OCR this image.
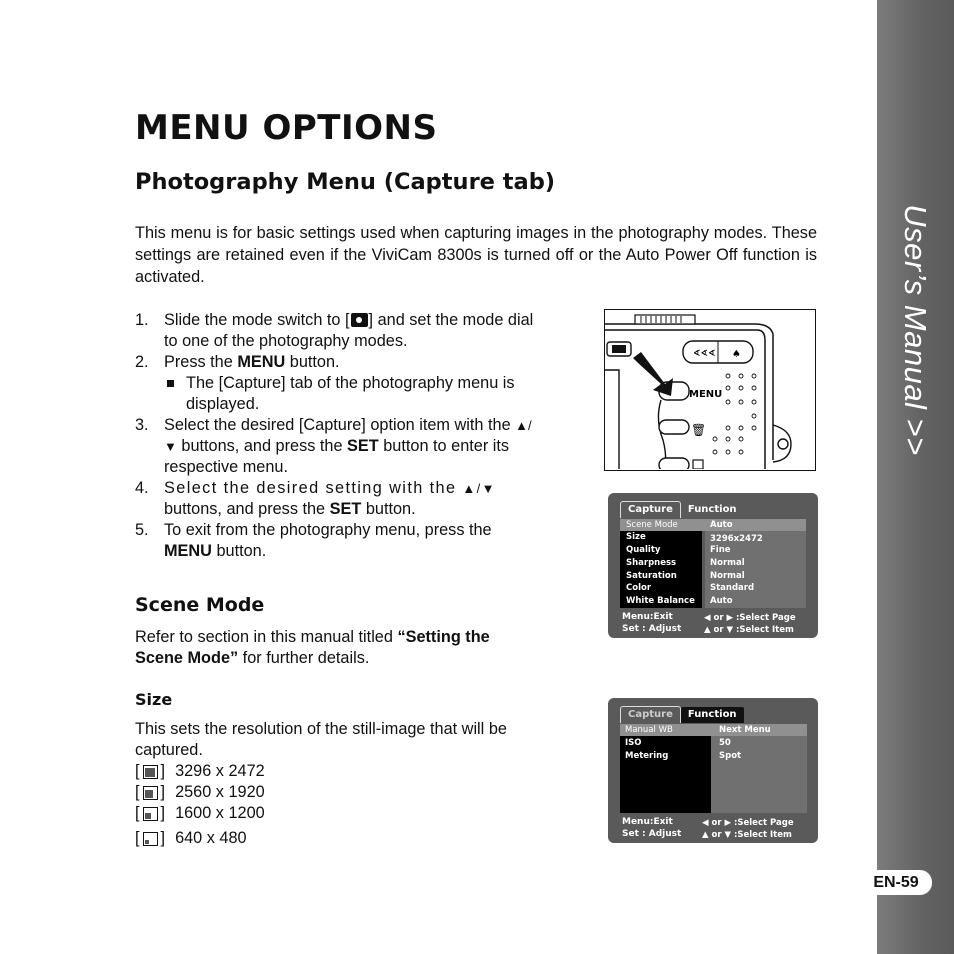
User’s Manual >>
EN-59
MENU OPTIONS
Photography Menu (Capture tab)

This menu is for basic settings used when capturing images in the photography modes. These settings are retained even if the ViviCam 8300s is turned off or the Auto Power Off function is activated.

1. Slide the mode switch to [ ] and set the mode dial to one of the photography modes.
2. Press the MENU button.
The [Capture] tab of the photography menu is displayed.
3. Select the desired [Capture] option item with the ▲/▼ buttons, and press the SET button to enter its respective menu.
4. Select the desired setting with the ▲/▼ buttons, and press the SET button.
5. To exit from the photography menu, press the MENU button.
Scene Mode

Refer to section in this manual titled “Setting the Scene Mode” for further details.

Size

This sets the resolution of the still-image that will be captured.

[ ] 3296 x 2472
[ ] 2560 x 1920
[ ] 1600 x 1200
[ ] 640 x 480
∢∢∢ ♠
MENU
🗑
Capture	Function
Scene Mode
Size
Quality
Sharpness
Saturation
Color
White Balance
Auto
3296x2472
Fine
Normal
Normal
Standard
Auto
Menu:Exit
Set : Adjust
◀ or ▶ :Select Page
▲ or ▼ :Select Item
Capture	Function
Manual WB
ISO
Metering
Next Menu
50
Spot
Menu:Exit
Set : Adjust
◀ or ▶ :Select Page
▲ or ▼ :Select Item
